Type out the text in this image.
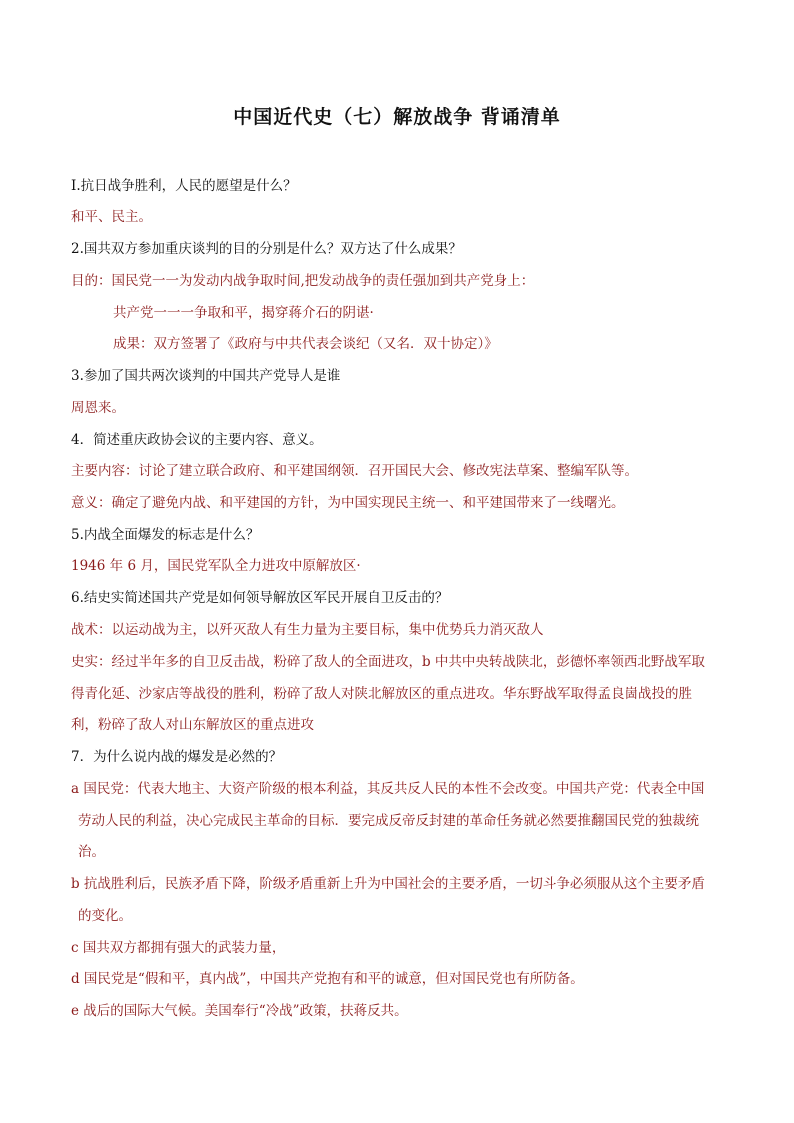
中国近代史（七）解放战争 背诵清单
I.抗日战争胜利，人民的愿望是什么？
和平、民主。
2.国共双方参加重庆谈判的目的分别是什么？双方达了什么成果？
目的：国民党一一为发动内战争取时间,把发动战争的责任强加到共产党身上：
共产党一一一争取和平，揭穿蒋介石的阴谌·
成果：双方签署了《政府与中共代表会谈纪（又名．双十协定）》
3.参加了国共两次谈判的中国共产党导人是谁
周恩来。
4．简述重庆政协会议的主要内容、意义。
主要内容：讨论了建立联合政府、和平建国纲领．召开国民大会、修改宪法草案、整编军队等。
意义：确定了避免内战、和平建国的方针，为中国实现民主统一、和平建国带来了一线曙光。
5.内战全面爆发的标志是什么？
1946 年 6 月，国民党军队全力进攻中原解放区·
6.结史实简述国共产党是如何领导解放区军民开展自卫反击的？
战术：以运动战为主，以歼灭敌人有生力量为主要目标，集中优势兵力消灭敌人
史实：经过半年多的自卫反击战，粉碎了敌人的全面进攻，b 中共中央转战陕北，彭德怀率领西北野战军取
得青化延、沙家店等战役的胜利，粉碎了敌人对陕北解放区的重点进攻。华东野战军取得孟良崮战投的胜
利，粉碎了敌人对山东解放区的重点进攻
7．为什么说内战的爆发是必然的？
a 国民党：代表大地主、大资产阶级的根本利益，其反共反人民的本性不会改变。中国共产党：代表全中国
劳动人民的利益，决心完成民主革命的目标．要完成反帝反封建的革命任务就必然要推翻国民党的独裁统
治。
b 抗战胜利后，民族矛盾下降，阶级矛盾重新上升为中国社会的主要矛盾，一切斗争必须服从这个主要矛盾
的变化。
c 国共双方都拥有强大的武装力量，
d 国民党是“假和平，真内战”，中国共产党抱有和平的诚意，但对国民党也有所防备。
e 战后的国际大气候。美国奉行“冷战”政策，扶蒋反共。
